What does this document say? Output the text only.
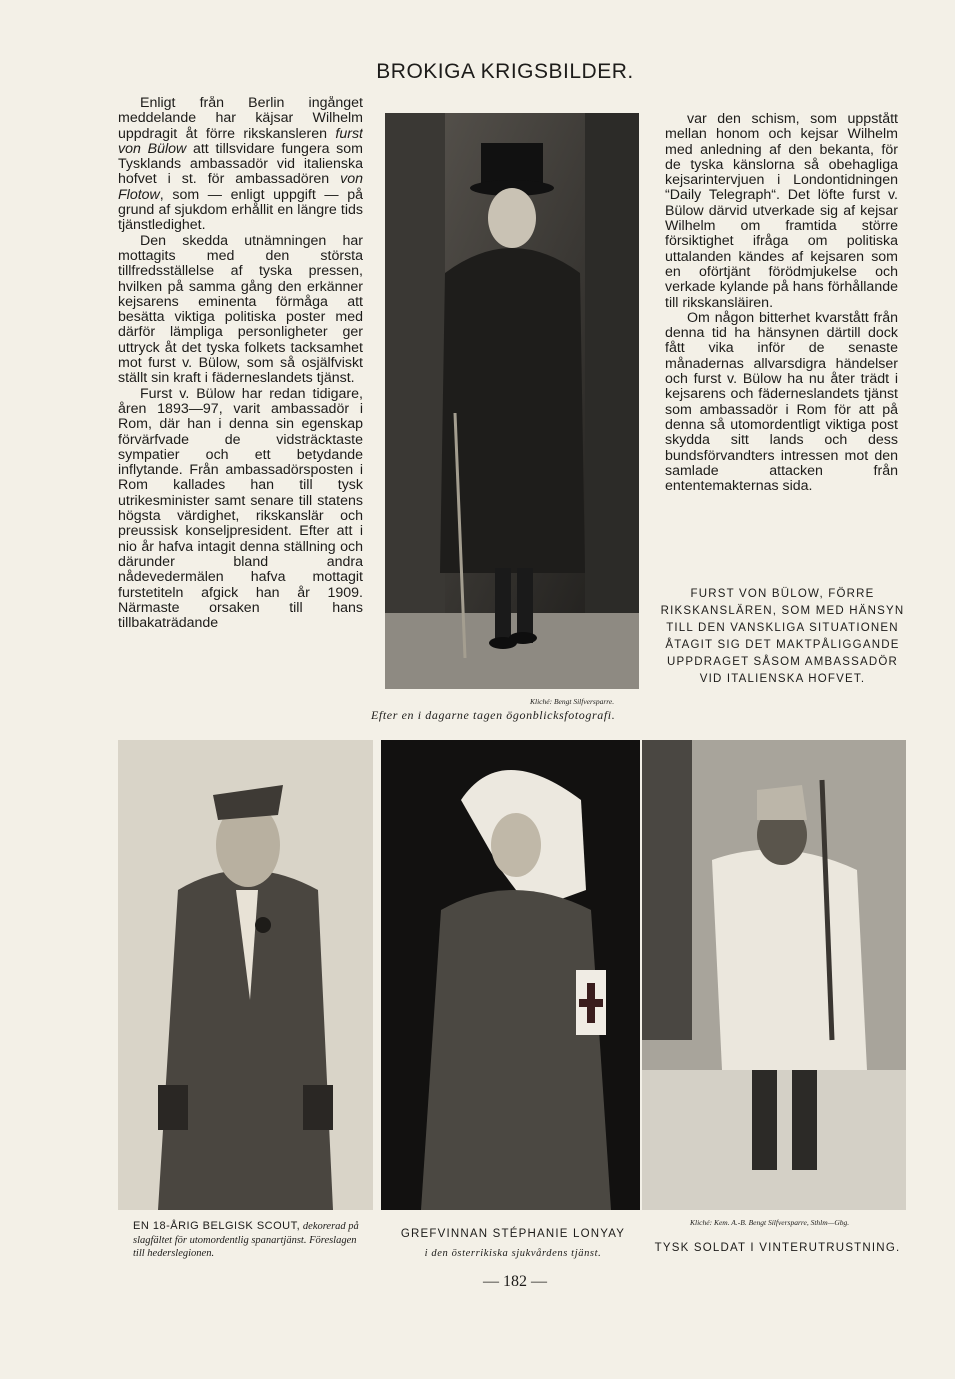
BROKIGA KRIGSBILDER.

Enligt från Berlin ingånget meddelande har käjsar Wilhelm uppdragit åt förre rikskansleren furst von Bülow att tillsvidare fungera som Tysklands ambassadör vid italienska hofvet i st. för ambassadören von Flotow, som — enligt uppgift — på grund af sjukdom erhållit en längre tids tjänstledighet.

Den skedda utnämningen har mottagits med den största tillfredsställelse af tyska pressen, hvilken på samma gång den erkänner kejsarens eminenta förmåga att besätta viktiga politiska poster med därför lämpliga personligheter ger uttryck åt det tyska folkets tacksamhet mot furst v. Bülow, som så osjälfviskt ställt sin kraft i fäderneslandets tjänst.

Furst v. Bülow har redan tidigare, åren 1893—97, varit ambassadör i Rom, där han i denna sin egenskap förvärfvade de vidsträcktaste sympatier och ett betydande inflytande. Från ambassadörsposten i Rom kallades han till tysk utrikesminister samt senare till statens högsta värdighet, rikskanslär och preussisk konseljpresident. Efter att i nio år hafva intagit denna ställning och därunder bland andra nådevedermälen hafva mottagit furstetiteln afgick han år 1909. Närmaste orsaken till hans tillbakaträdande

Kliché: Bengt Silfversparre.
Efter en i dagarne tagen ögonblicksfotografi.

var den schism, som uppstått mellan honom och kejsar Wilhelm med anledning af den bekanta, för de tyska känslorna så obehagliga kejsarintervjuen i Londontidningen “Daily Telegraph“. Det löfte furst v. Bülow därvid utverkade sig af kejsar Wilhelm om framtida större försiktighet ifråga om politiska uttalanden kändes af kejsaren som en oförtjänt förödmjukelse och verkade kylande på hans förhållande till rikskansläiren.

Om någon bitterhet kvarstått från denna tid ha hänsynen därtill dock fått vika inför de senaste månadernas allvarsdigra händelser och furst v. Bülow ha nu åter trädt i kejsarens och fäderneslandets tjänst som ambassadör i Rom för att på denna så utomordentligt viktiga post skydda sitt lands och dess bundsförvandters intressen mot den samlade attacken från ententemakternas sida.

FURST VON BÜLOW, FÖRRE RIKSKANSLÄREN, SOM MED HÄNSYN TILL DEN VANSKLIGA SITUATIONEN ÅTAGIT SIG DET MAKTPÅLIGGANDE UPPDRAGET SÅSOM AMBASSADÖR VID ITALIENSKA HOFVET.
EN 18-ÅRIG BELGISK SCOUT, dekorerad på slagfältet för utomordentlig spanartjänst. Föreslagen till hederslegionen.
GREFVINNAN STÉPHANIE LONYAY
i den österrikiska sjukvårdens tjänst.
Kliché: Kem. A.-B. Bengt Silfversparre, Sthlm—Gbg.
TYSK SOLDAT I VINTERUTRUSTNING.
— 182 —
